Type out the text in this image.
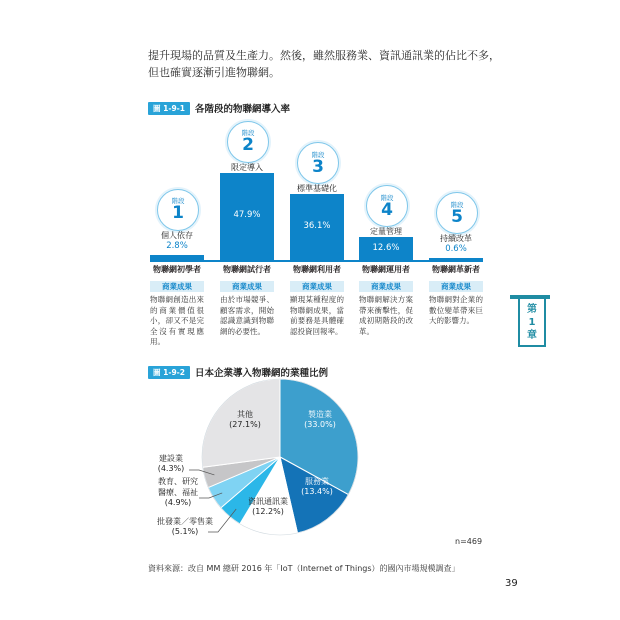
提升現場的品質及生產力。然後，雖然服務業、資訊通訊業的佔比不多，
但也確實逐漸引進物聯網。
圖 1-9-1	各階段的物聯網導入率
2.8%
階段
1
個人依存
物聯網初學者
商業成果
物聯網創造出來的商業價值很小，卻又不是完全沒有實現應用。
47.9%
階段
2
限定導入
物聯網試行者
商業成果
由於市場競爭、顧客需求，開始認識意識到物聯網的必要性。
36.1%
階段
3
標準基礎化
物聯網利用者
商業成果
顯現某種程度的物聯網成果，當前要務是具體確認投資回報率。
12.6%
階段
4
定量管理
物聯網運用者
商業成果
物聯網解決方案帶來衝擊性，促成初期階段的改革。
0.6%
階段
5
持續改革
物聯網革新者
商業成果
物聯網對企業的數位變革帶來巨大的影響力。
第
1
章
圖 1-9-2	日本企業導入物聯網的業種比例
製造業
(33.0%)
服務業
(13.4%)
資訊通訊業
(12.2%)
批發業／零售業
(5.1%)
教育、研究
醫療、福祉
(4.9%)
建設業
(4.3%)
其他
(27.1%)
n=469
資料來源：改自 MM 總研 2016 年「IoT（Internet of Things）的國內市場規模調查」
39
